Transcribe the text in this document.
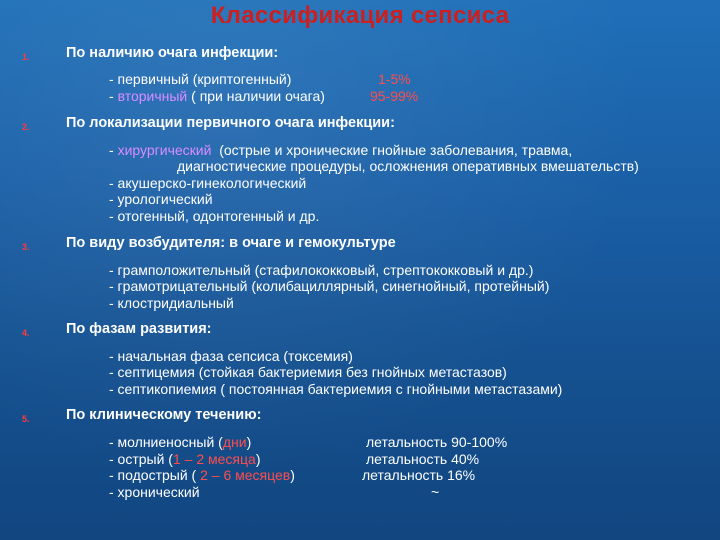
Классификация сепсиса
1.	По наличию очага инфекции:
- первичный (криптогенный)	1-5%
- вторичный ( при наличии очага)	95-99%
2.	По локализации первичного очага инфекции:
- хирургический  (острые и хронические гнойные заболевания, травма,
диагностические процедуры, осложнения оперативных вмешательств)
- акушерско-гинекологический
- урологический
- отогенный, одонтогенный и др.
3.	По виду возбудителя: в очаге и гемокультуре
- грамположительный (стафилококковый, стрептококковый и др.)
- грамотрицательный (колибациллярный, синегнойный, протейный)
- клостридиальный
4.	По фазам развития:
- начальная фаза сепсиса (токсемия)
- септицемия (стойкая бактериемия без гнойных метастазов)
- септикопиемия ( постоянная бактериемия с гнойными метастазами)
5.	По клиническому течению:
- молниеносный (дни)	летальность 90-100%
- острый (1 – 2 месяца)	летальность 40%
- подострый ( 2 – 6 месяцев)	летальность 16%
- хронический	~
